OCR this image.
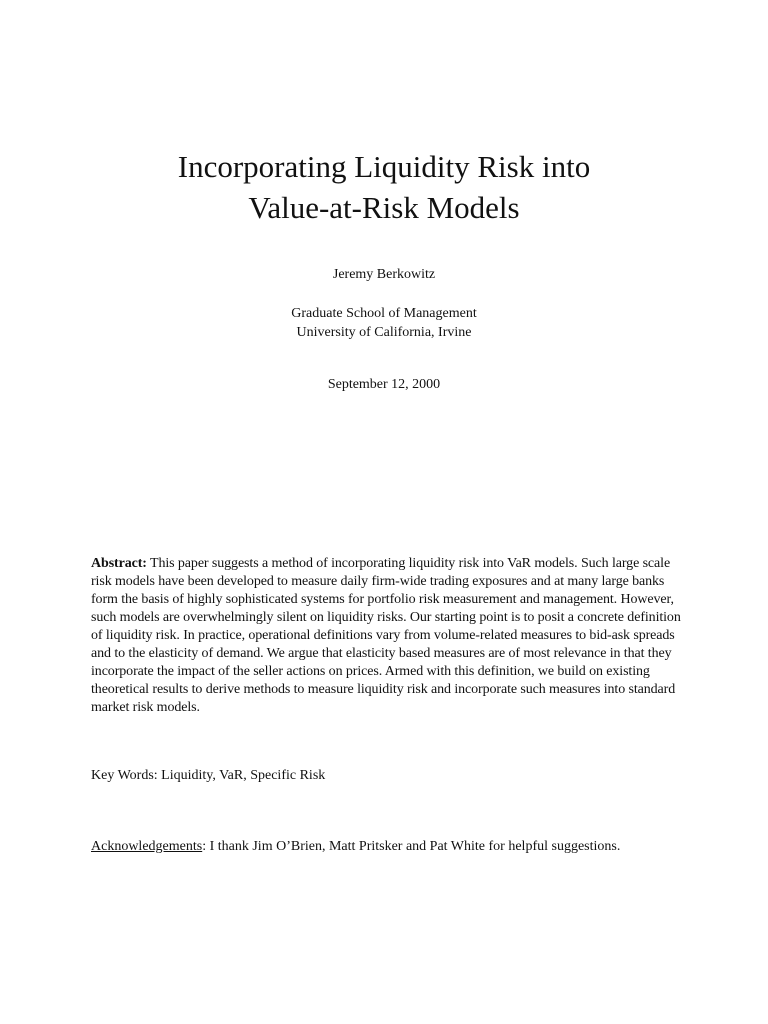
Incorporating Liquidity Risk into
Value-at-Risk Models

Jeremy Berkowitz

Graduate School of Management

University of California, Irvine

September 12, 2000

Abstract: This paper suggests a method of incorporating liquidity risk into VaR models. Such large scale risk models have been developed to measure daily firm-wide trading exposures and at many large banks form the basis of highly sophisticated systems for portfolio risk measurement and management. However, such models are overwhelmingly silent on liquidity risks. Our starting point is to posit a concrete definition of liquidity risk. In practice, operational definitions vary from volume-related measures to bid-ask spreads and to the elasticity of demand. We argue that elasticity based measures are of most relevance in that they incorporate the impact of the seller actions on prices. Armed with this definition, we build on existing theoretical results to derive methods to measure liquidity risk and incorporate such measures into standard market risk models.

Key Words: Liquidity, VaR, Specific Risk

Acknowledgements: I thank Jim O’Brien, Matt Pritsker and Pat White for helpful suggestions.
